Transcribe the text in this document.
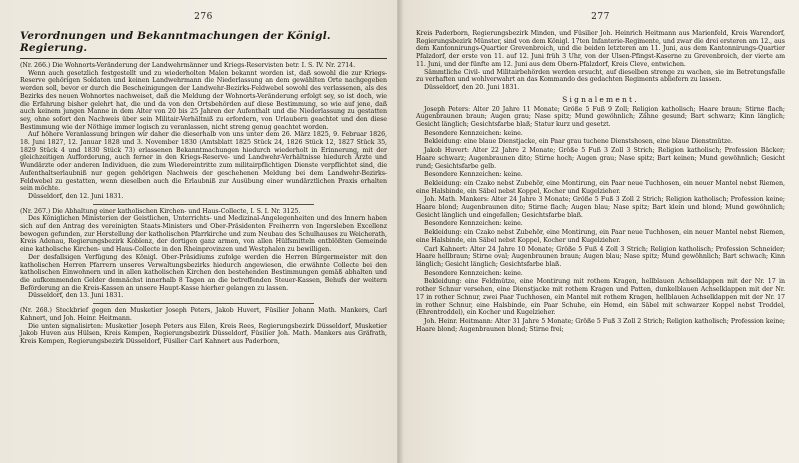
276
Verordnungen und Bekanntmachungen der Königl. Regierung.

(Nr. 266.) Die Wohnorts-Veränderung der Landwehrmänner und Kriegs-Reservisten betr. I. S. IV. Nr. 2714.

Wenn auch gesetzlich festgestellt und zu wiederholten Malen bekannt worden ist, daß sowohl die zur Kriegs-Reserve gehörigen Soldaten und keinen Landwehrmann die Niederlassung an dem gewählten Orte nachgegeben werden soll, bevor er durch die Bescheinigungen der Landwehr-Bezirks-Feldwebel sowohl des verlassenen, als des Bezirks des neuen Wohnortes nachweiset, daß die Meldung der Wohnorts-Veränderung erfolgt sey, so ist doch, wie die Erfahrung bisher gelehrt hat, die und da von den Ortsbehörden auf diese Bestimmung, so wie auf jene, daß auch keinem jungen Manne in dem Alter von 20 bis 25 Jahren der Aufenthalt und die Niederlassung zu gestatten sey, ohne sofort den Nachweis über sein Militair-Verhältniß zu erfordern, von Urlaubern geachtet und den diese Bestimmung wie der Nöthige immer logisch zu veranlassen, nicht streng genug geachtet worden.

Auf höhere Veranlassung bringen wir daher die dieserhalb von uns unter dem 26. März 1825, 9. Februar 1826, 18. Juni 1827, 12. Januar 1828 und 3. November 1830 (Amtsblatt 1825 Stück 24, 1826 Stück 12, 1827 Stück 35, 1829 Stück 4 und 1830 Stück 73) erlassenen Bekanntmachungen hiedurch wiederholt in Erinnerung, mit der gleichzeitigen Aufforderung, auch ferner in den Kriegs-Reserve- und Landwehr-Verhältnisse hiedurch Ärzte und Wundärzte oder anderen Individuen, die zum Wiedereintritte zum militairpflichtigen Dienste verpflichtet sind, die Aufenthaltserlaubniß nur gegen gehörigen Nachweis der geschehenen Meldung bei dem Landwehr-Bezirks-Feldwebel zu gestatten, wenn dieselben auch die Erlaubniß zur Ausübung einer wundärztlichen Praxis erhalten sein möchte.

Düsseldorf, den 12. Juni 1831.

(Nr. 267.) Die Abhaltung einer katholischen Kirchen- und Haus-Collecte, I. S. I. Nr. 3125.

Des Königlichen Ministerien der Geistlichen, Unterrichts- und Medizinal-Angelegenheiten und des Innern haben sich auf den Antrag des vereinigten Staats-Ministers und Ober-Präsidenten Freiherrn von Ingersleben Excellenz bewogen gefunden, zur Herstellung der katholischen Pfarrkirche und zum Neubau des Schulhauses zu Weicherath, Kreis Adenau, Regierungsbezirk Koblenz, der dortigen ganz armen, von allen Hülfsmitteln entblößten Gemeinde eine katholische Kirchen- und Haus-Collecte in den Rheinprovinzen und Westphalen zu bewilligen.

Der desfallsigen Verfügung des Königl. Ober-Präsidiums zufolge werden die Herren Bürgermeister mit den katholischen Herren Pfarrern unseres Verwaltungsbezirks hiedurch angewiesen, die erwähnte Collecte bei den katholischen Einwohnern und in allen katholischen Kirchen den bestehenden Bestimmungen gemäß abhalten und die aufkommenden Gelder demnächst innerhalb 8 Tagen an die betreffenden Steuer-Kassen, Behufs der weitern Beförderung an die Kreis-Kassen an unsere Haupt-Kasse hierher gelangen zu lassen.

Düsseldorf, den 13. Juni 1831.

(Nr. 268.) Steckbrief gegen den Musketier Joseph Peters, Jakob Huvert, Füsilier Johann Math. Mankers, Carl Kahnert, und Joh. Heinr. Heitmann.

Die unten signalisirten: Musketier Joseph Peters aus Eilen, Kreis Rees, Regierungsbezirk Düsseldorf, Musketier Jakob Huven aus Hülsen, Kreis Kempen, Regierungsbezirk Düsseldorf, Füsilier Joh. Math. Mankers aus Gräfrath, Kreis Kempen, Regierungsbezirk Düsseldorf, Füsilier Carl Kahnert aus Paderborn,

277

Kreis Paderborn, Regierungsbezirk Minden, und Füsilier Joh. Heinrich Heitmann aus Marienfeld, Kreis Warendorf, Regierungsbezirk Münster, sind von dem Königl. 17ten Infanterie-Regimente, und zwar die drei ersteren am 12., aus dem Kantonnirungs-Quartier Grevenbroich, und die beiden letzteren am 11. Juni, aus dem Kantonnirungs-Quartier Pfalzdorf, der erste von 11. auf 12. Juni früh 3 Uhr, von der Ulsen-Pfingst-Kaserne zu Grevenbroich, der vierte am 11. Juni, und der fünfte am 12. Juni aus dem Obern-Pfalzdorf, Kreis Cleve, entwichen.

Sämmtliche Civil- und Militairbehörden werden ersucht, auf dieselben strenge zu wachen, sie im Betretungsfalle zu verhaften und wohlverwahrt an das Kommando des gedachten Regiments abliefern zu lassen.

Düsseldorf, den 20. Juni 1831.

Signalement.

Joseph Peters: Alter 20 Jahre 11 Monate; Größe 5 Fuß 9 Zoll; Religion katholisch; Haare braun; Stirne flach; Augenbraunen braun; Augen grau; Nase spitz; Mund gewöhnlich; Zähne gesund; Bart schwarz; Kinn länglich; Gesicht länglich; Gesichtsfarbe blaß; Statur kurz und gesetzt.

Besondere Kennzeichen: keine.

Bekleidung: eine blaue Dienstjacke, ein Paar grau tuchene Dienstshosen, eine blaue Dienstmütze.

Jakob Huvert: Alter 22 Jahre 2 Monate; Größe 5 Fuß 3 Zoll 3 Strich; Religion katholisch; Profession Bäcker; Haare schwarz; Augenbraunen dito; Stirne hoch; Augen grau; Nase spitz; Bart keinen; Mund gewöhnlich; Gesicht rund; Gesichtsfarbe gelb.

Besondere Kennzeichen: keine.

Bekleidung: ein Czako nebst Zubehör, eine Montirung, ein Paar neue Tuchhosen, ein neuer Mantel nebst Riemen, eine Halsbinde, ein Säbel nebst Koppel, Kocher und Kugelzieher.

Joh. Math. Mankers: Alter 24 Jahre 3 Monate; Größe 5 Fuß 3 Zoll 2 Strich; Religion katholisch; Profession keine; Haare blond; Augenbraunen dito; Stirne flach; Augen blau; Nase spitz; Bart klein und blond; Mund gewöhnlich; Gesicht länglich und eingefallen; Gesichtsfarbe blaß.

Besondere Kennzeichen: keine.

Bekleidung: ein Czako nebst Zubehör, eine Montirung, ein Paar neue Tuchhosen, ein neuer Mantel nebst Riemen, eine Halsbinde, ein Säbel nebst Koppel, Kocher und Kugelzieher.

Carl Kahnert: Alter 24 Jahre 10 Monate; Größe 5 Fuß 4 Zoll 3 Strich; Religion katholisch; Profession Schneider; Haare hellbraun; Stirne oval; Augenbraunen braun; Augen blau; Nase spitz; Mund gewöhnlich; Bart schwach; Kinn länglich; Gesicht länglich; Gesichtsfarbe blaß.

Besondere Kennzeichen: keine.

Bekleidung: eine Feldmütze, eine Montirung mit rothem Kragen, hellblauen Achselklappen mit der Nr. 17 in rother Schnur versehen, eine Dienstjacke mit rothem Kragen und Patten, dunkelblauen Achselklappen mit der Nr. 17 in rother Schnur, zwei Paar Tuchhosen, ein Mantel mit rothem Kragen, hellblauen Achselklappen mit der Nr. 17 in rother Schnur, eine Halsbinde, ein Paar Schuhe, ein Hemd, ein Säbel mit schwarzer Koppel nebst Troddel, (Ehrentroddel), ein Kocher und Kugelzieher.

Joh. Heinr. Heitmann: Alter 31 Jahre 5 Monate; Größe 5 Fuß 3 Zoll 2 Strich; Religion katholisch; Profession keine; Haare blond; Augenbraunen blond; Stirne frei;
